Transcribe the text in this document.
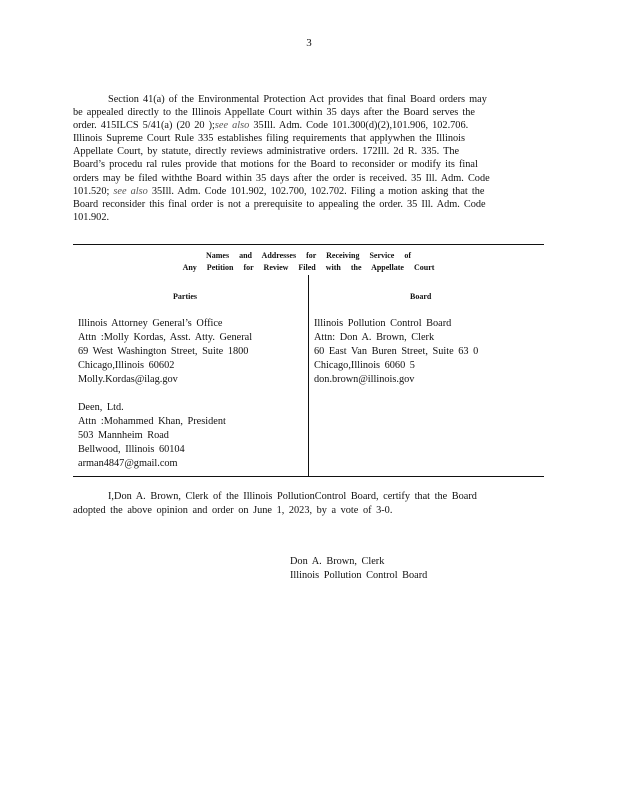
3
Section 41(a) of the Environmental Protection Act provides that final Board orders may
be appealed directly to the Illinois Appellate Court within 35 days after the Board serves the
order. 415ILCS 5/41(a) (20 20 );see also 35Ill. Adm. Code 101.300(d)(2),101.906, 102.706.
Illinois Supreme Court Rule 335 establishes filing requirements that applywhen the Illinois
Appellate Court, by statute, directly reviews administrative orders. 172Ill. 2d R. 335. The
Board’s procedu ral rules provide that motions for the Board to reconsider or modify its final
orders may be filed withthe Board within 35 days after the order is received. 35 Ill. Adm. Code
101.520; see also 35Ill. Adm. Code 101.902, 102.700, 102.702. Filing a motion asking that the
Board reconsider this final order is not a prerequisite to appealing the order. 35 Ill. Adm. Code
101.902.
Names and Addresses for Receiving Service of
Any Petition for Review Filed with the Appellate Court
Parties	Board
Illinois Attorney General’s Office
Attn :Molly Kordas, Asst. Atty. General
69 West Washington Street, Suite 1800
Chicago,Illinois 60602
Molly.Kordas@ilag.gov
Deen, Ltd.
Attn :Mohammed Khan, President
503 Mannheim Road
Bellwood, Illinois 60104
arman4847@gmail.com
Illinois Pollution Control Board
Attn: Don A. Brown, Clerk
60 East Van Buren Street, Suite 63 0
Chicago,Illinois 6060 5
don.brown@illinois.gov
I,Don A. Brown, Clerk of the Illinois PollutionControl Board, certify that the Board
adopted the above opinion and order on June 1, 2023, by a vote of 3-0.
Don A. Brown, Clerk
Illinois Pollution Control Board
